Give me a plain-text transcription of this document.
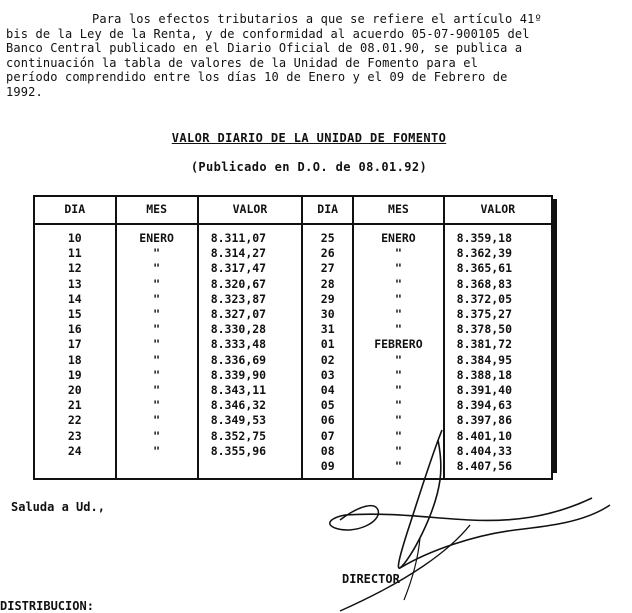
Para los efectos tributarios a que se refiere el artículo 41º
bis de la Ley de la Renta, y de conformidad al acuerdo 05-07-900105 del
Banco Central publicado en el Diario Oficial de 08.01.90, se publica a
continuación la tabla de valores de la Unidad de Fomento para el
período comprendido entre los días 10 de Enero y el 09 de Febrero de
1992.
VALOR DIARIO DE LA UNIDAD DE FOMENTO
(Publicado en D.O. de 08.01.92)
DIA	MES	VALOR	DIA	MES	VALOR
10	ENERO	8.311,07	25	ENERO	8.359,18
11	"	8.314,27	26	"	8.362,39
12	"	8.317,47	27	"	8.365,61
13	"	8.320,67	28	"	8.368,83
14	"	8.323,87	29	"	8.372,05
15	"	8.327,07	30	"	8.375,27
16	"	8.330,28	31	"	8.378,50
17	"	8.333,48	01	FEBRERO	8.381,72
18	"	8.336,69	02	"	8.384,95
19	"	8.339,90	03	"	8.388,18
20	"	8.343,11	04	"	8.391,40
21	"	8.346,32	05	"	8.394,63
22	"	8.349,53	06	"	8.397,86
23	"	8.352,75	07	"	8.401,10
24	"	8.355,96	08	"	8.404,33
			09	"	8.407,56
Saluda a Ud.,
DIRECTOR
DISTRIBUCION:
